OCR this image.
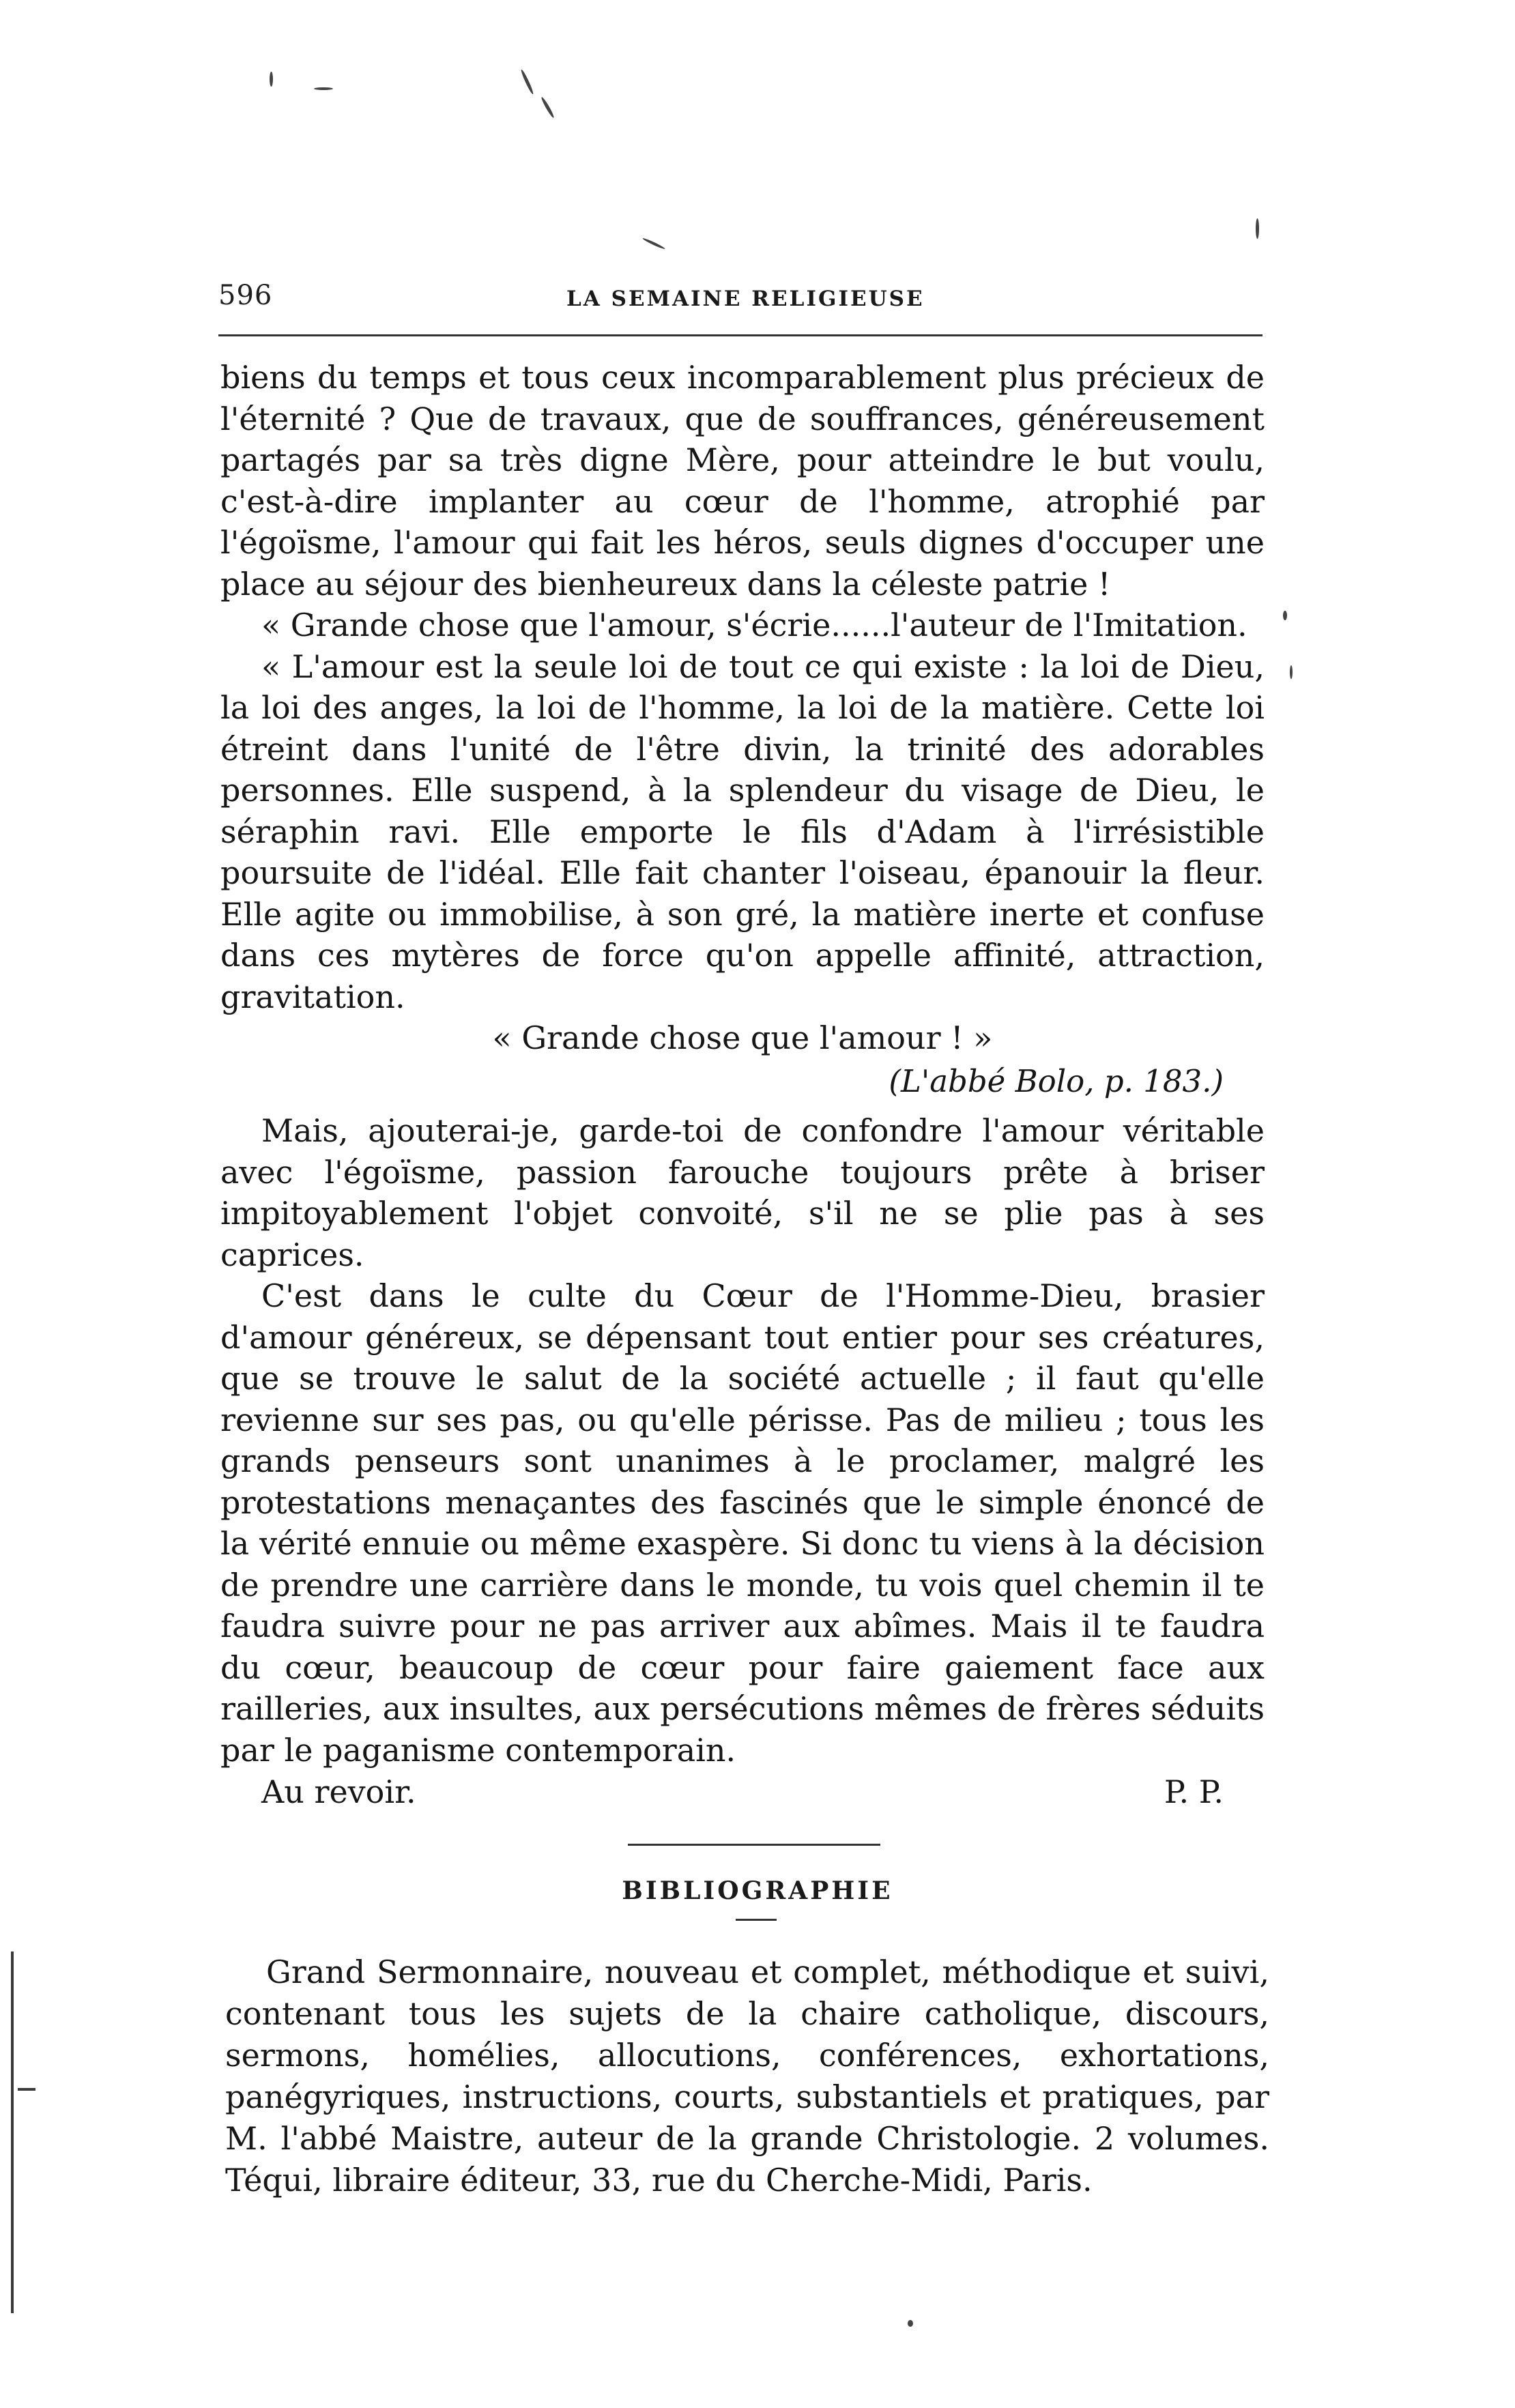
596	LA SEMAINE RELIGIEUSE

biens du temps et tous ceux incomparablement plus précieux de l'éternité ? Que de travaux, que de souffrances, généreusement partagés par sa très digne Mère, pour atteindre le but voulu, c'est-à-dire implanter au cœur de l'homme, atrophié par l'égoïsme, l'amour qui fait les héros, seuls dignes d'occuper une place au séjour des bienheureux dans la céleste patrie !

« Grande chose que l'amour, s'écrie......l'auteur de l'Imitation.

« L'amour est la seule loi de tout ce qui existe : la loi de Dieu, la loi des anges, la loi de l'homme, la loi de la matière. Cette loi étreint dans l'unité de l'être divin, la trinité des adorables personnes. Elle suspend, à la splendeur du visage de Dieu, le séraphin ravi. Elle emporte le fils d'Adam à l'irrésistible poursuite de l'idéal. Elle fait chanter l'oiseau, épanouir la fleur. Elle agite ou immobilise, à son gré, la matière inerte et confuse dans ces mytères de force qu'on appelle affinité, attraction, gravitation.

« Grande chose que l'amour ! »

(L'abbé Bolo, p. 183.)

Mais, ajouterai-je, garde-toi de confondre l'amour véritable avec l'égoïsme, passion farouche toujours prête à briser impitoyablement l'objet convoité, s'il ne se plie pas à ses caprices.

C'est dans le culte du Cœur de l'Homme-Dieu, brasier d'amour généreux, se dépensant tout entier pour ses créatures, que se trouve le salut de la société actuelle ; il faut qu'elle revienne sur ses pas, ou qu'elle périsse. Pas de milieu ; tous les grands penseurs sont unanimes à le proclamer, malgré les protestations menaçantes des fascinés que le simple énoncé de la vérité ennuie ou même exaspère. Si donc tu viens à la décision de prendre une carrière dans le monde, tu vois quel chemin il te faudra suivre pour ne pas arriver aux abîmes. Mais il te faudra du cœur, beaucoup de cœur pour faire gaiement face aux railleries, aux insultes, aux persécutions mêmes de frères séduits par le paganisme contemporain.

Au revoir.	P. P.
BIBLIOGRAPHIE

Grand Sermonnaire, nouveau et complet, méthodique et suivi, contenant tous les sujets de la chaire catholique, discours, sermons, homélies, allocutions, conférences, exhortations, panégyriques, instructions, courts, substantiels et pratiques, par M. l'abbé Maistre, auteur de la grande Christologie. 2 volumes. Téqui, libraire éditeur, 33, rue du Cherche-Midi, Paris.
